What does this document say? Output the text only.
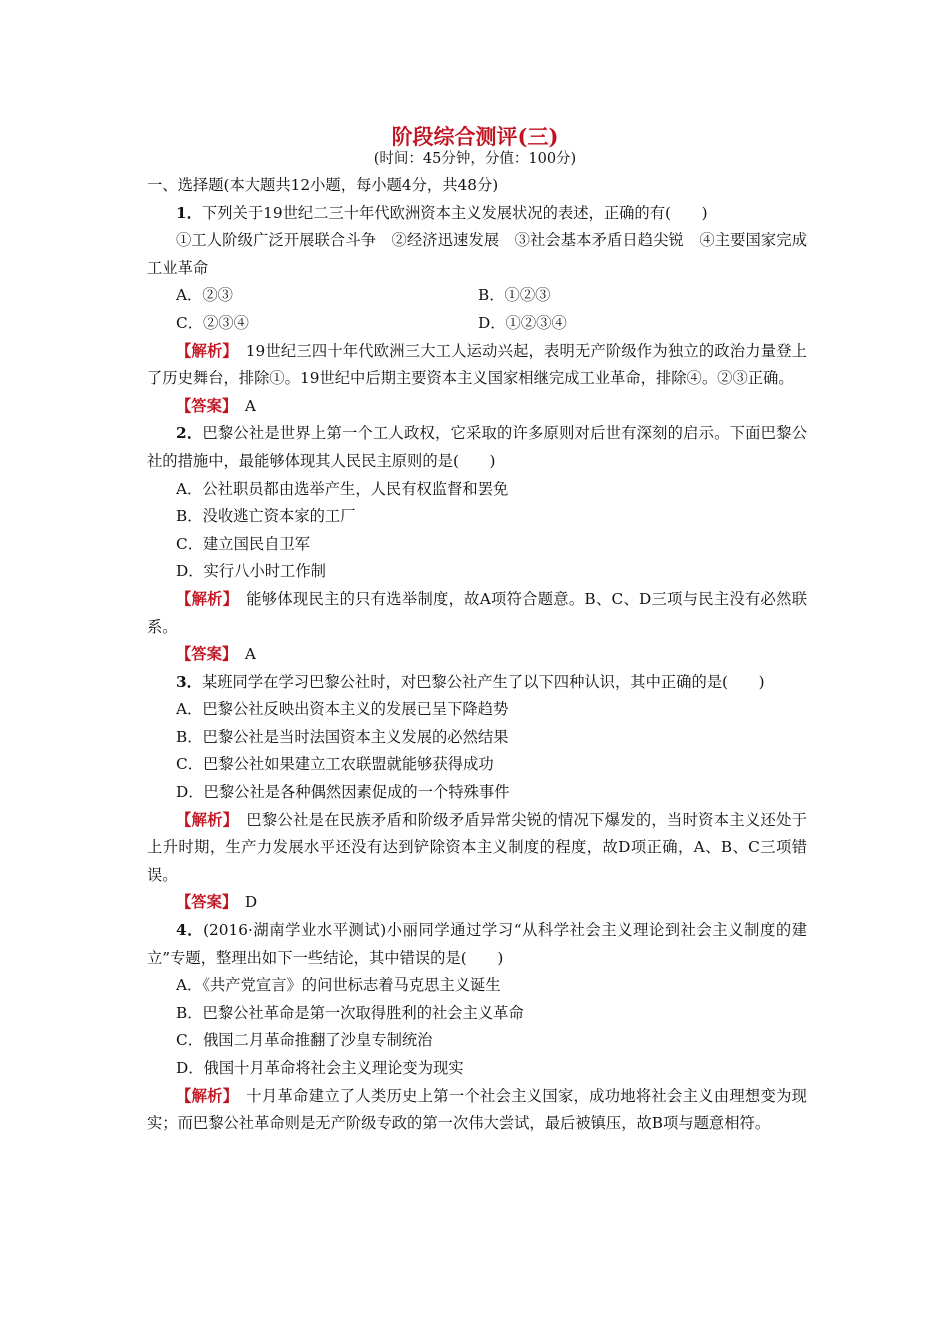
阶段综合测评(三)
(时间：45分钟，分值：100分)

一、选择题(本大题共12小题，每小题4分，共48分)

1．下列关于19世纪二三十年代欧洲资本主义发展状况的表述，正确的有(　　)

①工人阶级广泛开展联合斗争　②经济迅速发展　③社会基本矛盾日趋尖锐　④主要国家完成工业革命

A．②③	B．①②③
C．②③④	D．①②③④

【解析】　 19世纪三四十年代欧洲三大工人运动兴起，表明无产阶级作为独立的政治力量登上了历史舞台，排除①。19世纪中后期主要资本主义国家相继完成工业革命，排除④。②③正确。

【答案】　 A

2．巴黎公社是世界上第一个工人政权，它采取的许多原则对后世有深刻的启示。下面巴黎公社的措施中，最能够体现其人民民主原则的是(　　)

A．公社职员都由选举产生，人民有权监督和罢免

B．没收逃亡资本家的工厂

C．建立国民自卫军

D．实行八小时工作制

【解析】　 能够体现民主的只有选举制度，故A项符合题意。B、C、D三项与民主没有必然联系。

【答案】　 A

3．某班同学在学习巴黎公社时，对巴黎公社产生了以下四种认识，其中正确的是(　　)

A．巴黎公社反映出资本主义的发展已呈下降趋势

B．巴黎公社是当时法国资本主义发展的必然结果

C．巴黎公社如果建立工农联盟就能够获得成功

D．巴黎公社是各种偶然因素促成的一个特殊事件

【解析】　 巴黎公社是在民族矛盾和阶级矛盾异常尖锐的情况下爆发的，当时资本主义还处于上升时期，生产力发展水平还没有达到铲除资本主义制度的程度，故D项正确，A、B、C三项错误。

【答案】　 D

4．(2016·湖南学业水平测试)小丽同学通过学习“从科学社会主义理论到社会主义制度的建立”专题，整理出如下一些结论，其中错误的是(　　)

A．《共产党宣言》的问世标志着马克思主义诞生

B．巴黎公社革命是第一次取得胜利的社会主义革命

C．俄国二月革命推翻了沙皇专制统治

D．俄国十月革命将社会主义理论变为现实

【解析】　 十月革命建立了人类历史上第一个社会主义国家，成功地将社会主义由理想变为现实；而巴黎公社革命则是无产阶级专政的第一次伟大尝试，最后被镇压，故B项与题意相符。
